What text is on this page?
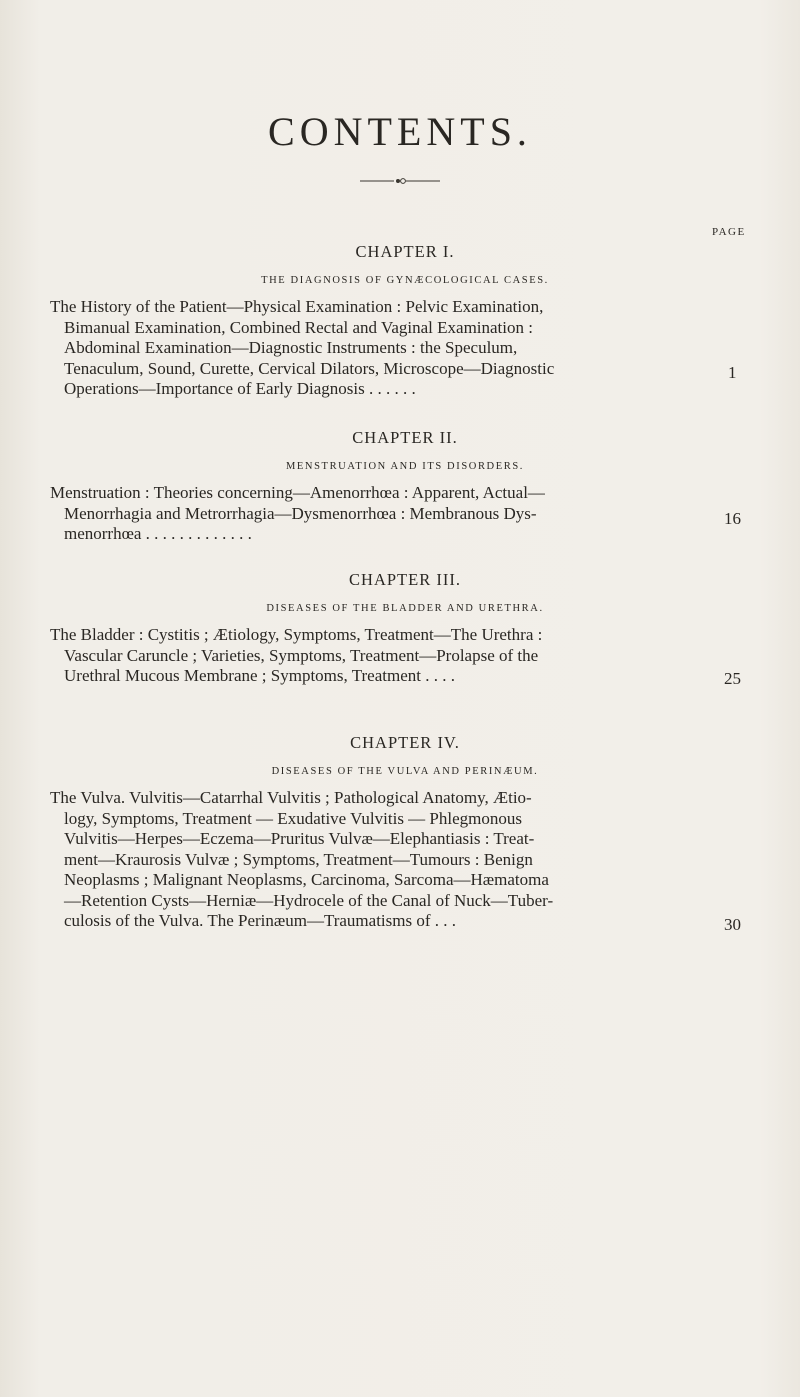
CONTENTS.
PAGE
CHAPTER I.
THE DIAGNOSIS OF GYNÆCOLOGICAL CASES.
The History of the Patient—Physical Examination : Pelvic Examination,
Bimanual Examination, Combined Rectal and Vaginal Examination :
Abdominal Examination—Diagnostic Instruments : the Speculum,
Tenaculum, Sound, Curette, Cervical Dilators, Microscope—Diagnostic
Operations—Importance of Early Diagnosis . . . . . .
1
CHAPTER II.
MENSTRUATION AND ITS DISORDERS.
Menstruation : Theories concerning—Amenorrhœa : Apparent, Actual—
Menorrhagia and Metrorrhagia—Dysmenorrhœa : Membranous Dys-
menorrhœa . . . . . . . . . . . . .
16
CHAPTER III.
DISEASES OF THE BLADDER AND URETHRA.
The Bladder : Cystitis ; Ætiology, Symptoms, Treatment—The Urethra :
Vascular Caruncle ; Varieties, Symptoms, Treatment—Prolapse of the
Urethral Mucous Membrane ; Symptoms, Treatment . . . .	25
CHAPTER IV.
DISEASES OF THE VULVA AND PERINÆUM.
The Vulva. Vulvitis—Catarrhal Vulvitis ; Pathological Anatomy, Ætio-
logy, Symptoms, Treatment — Exudative Vulvitis — Phlegmonous
Vulvitis—Herpes—Eczema—Pruritus Vulvæ—Elephantiasis : Treat-
ment—Kraurosis Vulvæ ; Symptoms, Treatment—Tumours : Benign
Neoplasms ; Malignant Neoplasms, Carcinoma, Sarcoma—Hæmatoma
—Retention Cysts—Herniæ—Hydrocele of the Canal of Nuck—Tuber-
culosis of the Vulva. The Perinæum—Traumatisms of . . .	30
